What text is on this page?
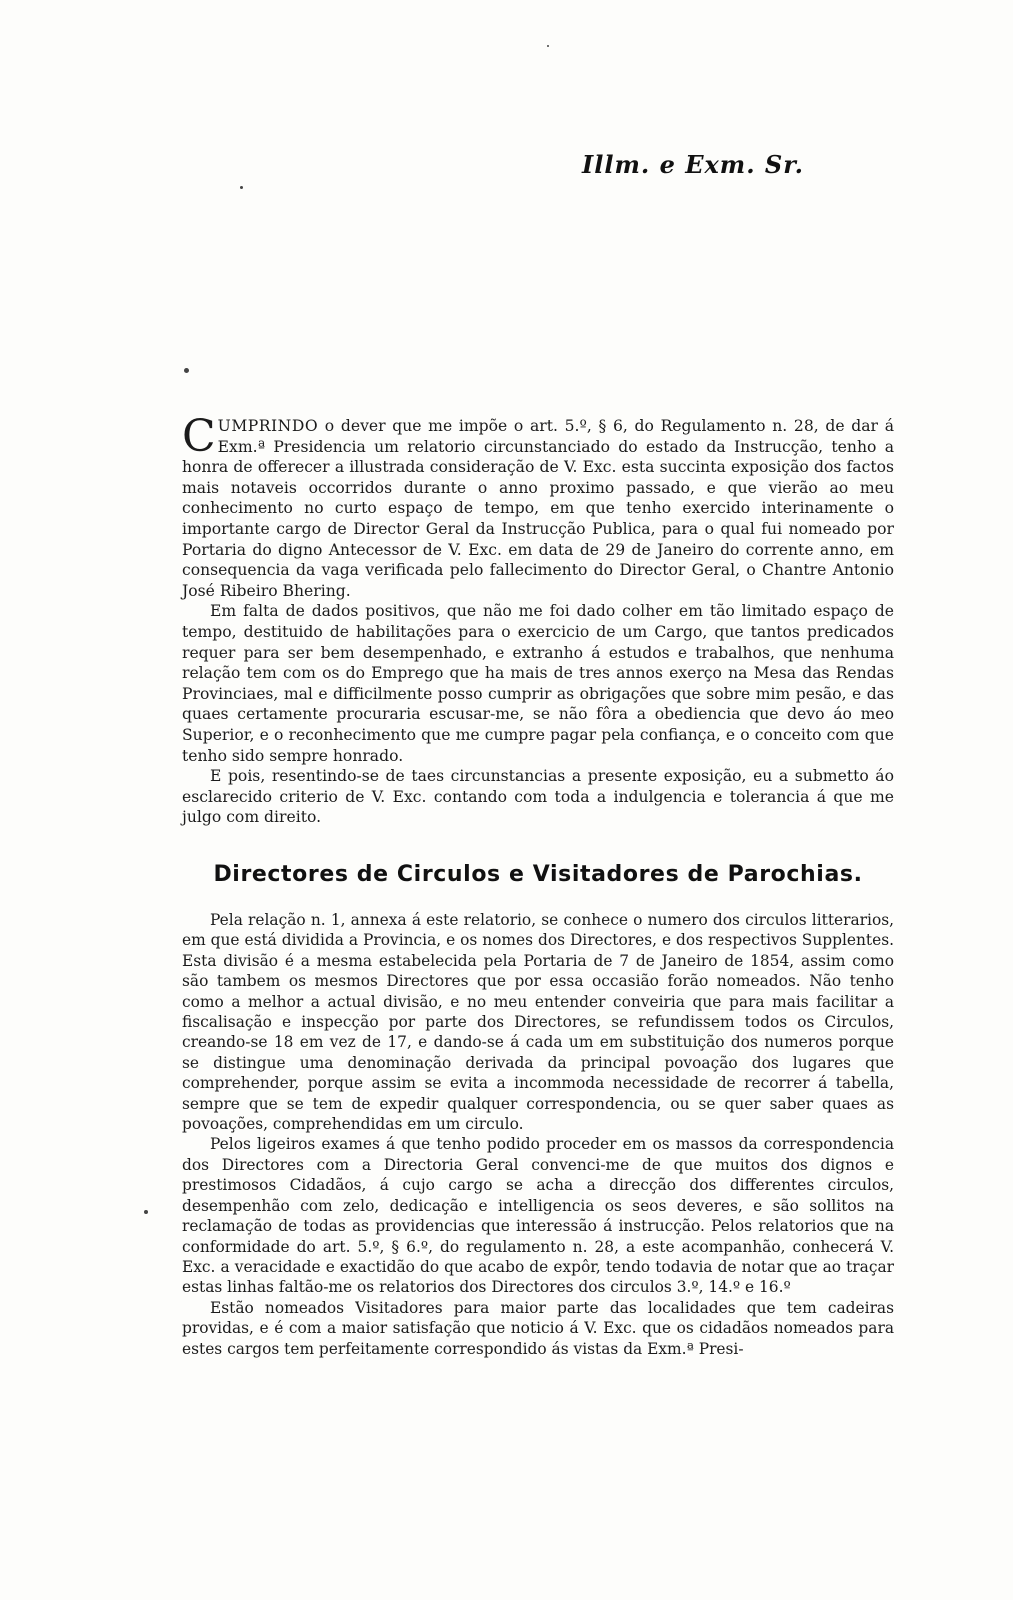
Illm. e Exm. Sr.

CUMPRINDO o dever que me impõe o art. 5.º, § 6, do Regulamento n. 28, de dar á Exm.ª Presidencia um relatorio circunstanciado do estado da Instrucção, tenho a honra de offerecer a illustrada consideração de V. Exc. esta succinta exposição dos factos mais notaveis occorridos durante o anno proximo passado, e que vierão ao meu conhecimento no curto espaço de tempo, em que tenho exercido interinamente o importante cargo de Director Geral da Instrucção Publica, para o qual fui nomeado por Portaria do digno Antecessor de V. Exc. em data de 29 de Janeiro do corrente anno, em consequencia da vaga verificada pelo fallecimento do Director Geral, o Chantre Antonio José Ribeiro Bhering.

Em falta de dados positivos, que não me foi dado colher em tão limitado espaço de tempo, destituido de habilitações para o exercicio de um Cargo, que tantos predicados requer para ser bem desempenhado, e extranho á estudos e trabalhos, que nenhuma relação tem com os do Emprego que ha mais de tres annos exerço na Mesa das Rendas Provinciaes, mal e difficilmente posso cumprir as obrigações que sobre mim pesão, e das quaes certamente procuraria escusar-me, se não fôra a obediencia que devo áo meo Superior, e o reconhecimento que me cumpre pagar pela confiança, e o conceito com que tenho sido sempre honrado.

E pois, resentindo-se de taes circunstancias a presente exposição, eu a submetto áo esclarecido criterio de V. Exc. contando com toda a indulgencia e tolerancia á que me julgo com direito.

Directores de Circulos e Visitadores de Parochias.

Pela relação n. 1, annexa á este relatorio, se conhece o numero dos circulos litterarios, em que está dividida a Provincia, e os nomes dos Directores, e dos respectivos Supplentes. Esta divisão é a mesma estabelecida pela Portaria de 7 de Janeiro de 1854, assim como são tambem os mesmos Directores que por essa occasião forão nomeados. Não tenho como a melhor a actual divisão, e no meu entender conveiria que para mais facilitar a fiscalisação e inspecção por parte dos Directores, se refundissem todos os Circulos, creando-se 18 em vez de 17, e dando-se á cada um em substituição dos numeros porque se distingue uma denominação derivada da principal povoação dos lugares que comprehender, porque assim se evita a incommoda necessidade de recorrer á tabella, sempre que se tem de expedir qualquer correspondencia, ou se quer saber quaes as povoações, comprehendidas em um circulo.

Pelos ligeiros exames á que tenho podido proceder em os massos da correspondencia dos Directores com a Directoria Geral convenci-me de que muitos dos dignos e prestimosos Cidadãos, á cujo cargo se acha a direcção dos differentes circulos, desempenhão com zelo, dedicação e intelligencia os seos deveres, e são sollitos na reclamação de todas as providencias que interessão á instrucção. Pelos relatorios que na conformidade do art. 5.º, § 6.º, do regulamento n. 28, a este acompanhão, conhecerá V. Exc. a veracidade e exactidão do que acabo de expôr, tendo todavia de notar que ao traçar estas linhas faltão-me os relatorios dos Directores dos circulos 3.º, 14.º e 16.º

Estão nomeados Visitadores para maior parte das localidades que tem cadeiras providas, e é com a maior satisfação que noticio á V. Exc. que os cidadãos nomeados para estes cargos tem perfeitamente correspondido ás vistas da Exm.ª Presi-
